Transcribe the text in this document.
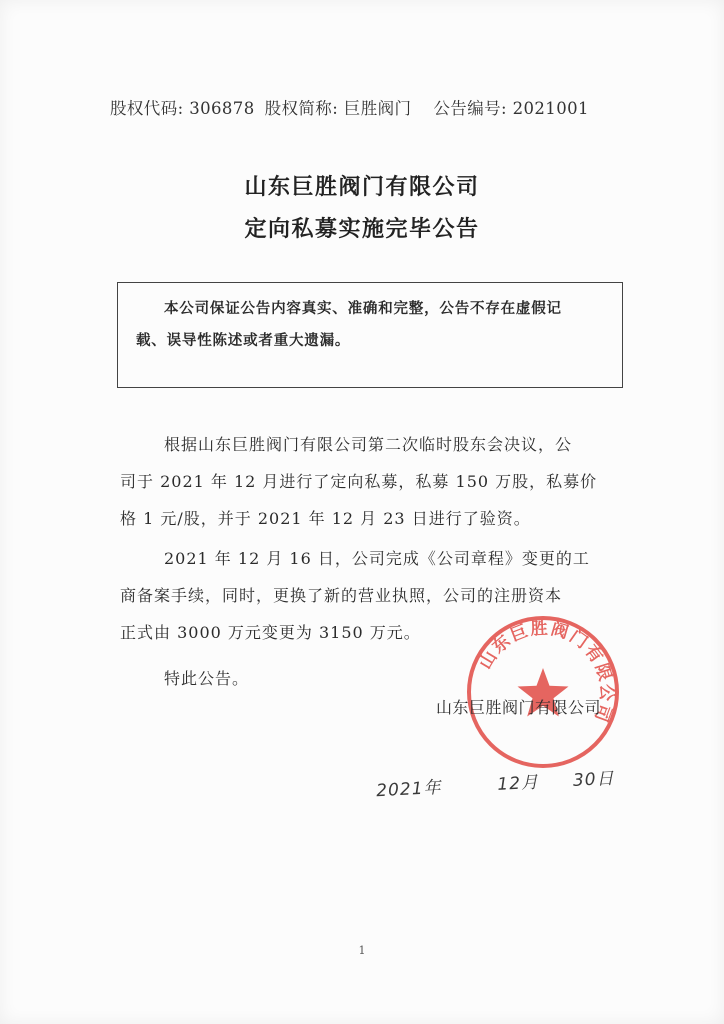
股权代码: 306878 股权简称: 巨胜阀门 公告编号: 2021001
山东巨胜阀门有限公司
定向私募实施完毕公告
本公司保证公告内容真实、准确和完整，公告不存在虚假记
载、误导性陈述或者重大遗漏。
根据山东巨胜阀门有限公司第二次临时股东会决议，公
司于 2021 年 12 月进行了定向私募，私募 150 万股，私募价
格 1 元/股，并于 2021 年 12 月 23 日进行了验资。
2021 年 12 月 16 日，公司完成《公司章程》变更的工
商备案手续，同时，更换了新的营业执照，公司的注册资本
正式由 3000 万元变更为 3150 万元。
特此公告。
山东巨胜阀门有限公司
山东巨胜阀门有限公司
2021年	12月 30日
1
